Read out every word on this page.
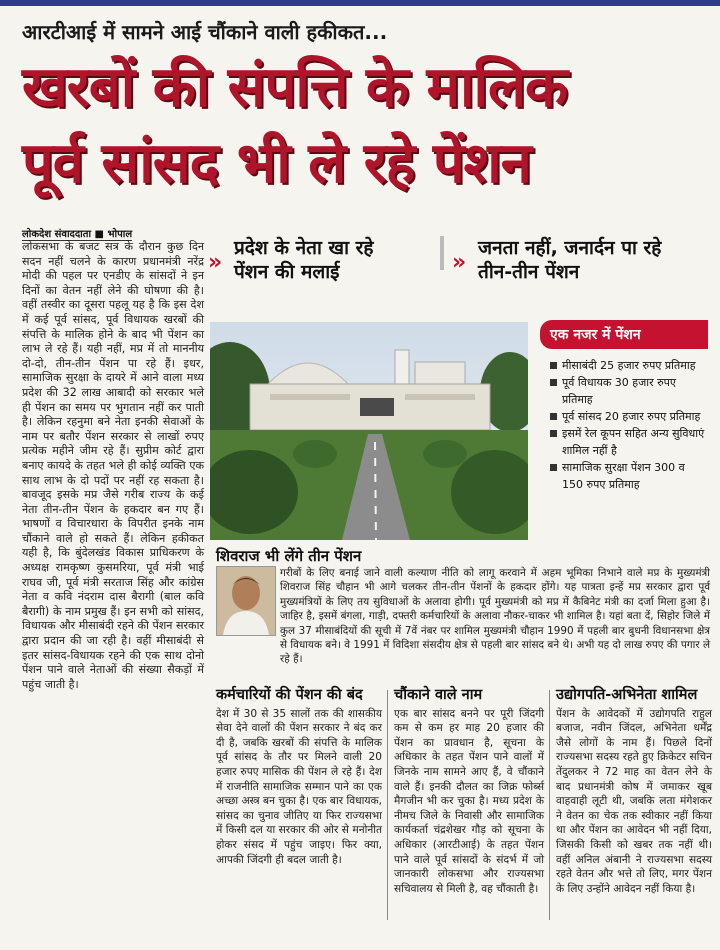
आरटीआई में सामने आई चौंकाने वाली हकीकत...
खरबों की संपत्ति के मालिक
पूर्व सांसद भी ले रहे पेंशन
लोकदेश संवाददाता ■ भोपाल

लोकसभा के बजट सत्र के दौरान कुछ दिन सदन नहीं चलने के कारण प्रधानमंत्री नरेंद्र मोदी की पहल पर एनडीए के सांसदों ने इन दिनों का वेतन नहीं लेने की घोषणा की है। वहीं तस्वीर का दूसरा पहलू यह है कि इस देश में कई पूर्व सांसद, पूर्व विधायक खरबों की संपत्ति के मालिक होने के बाद भी पेंशन का लाभ ले रहे हैं। यही नहीं, मप्र में तो माननीय दो-दो, तीन-तीन पेंशन पा रहे हैं। इधर, सामाजिक सुरक्षा के दायरे में आने वाला मध्य प्रदेश की 32 लाख आबादी को सरकार भले ही पेंशन का समय पर भुगतान नहीं कर पाती है। लेकिन रहनुमा बने नेता इनकी सेवाओं के नाम पर बतौर पेंशन सरकार से लाखों रुपए प्रत्येक महीने जीम रहे हैं। सुप्रीम कोर्ट द्वारा बनाए कायदे के तहत भले ही कोई व्यक्ति एक साथ लाभ के दो पदों पर नहीं रह सकता है। बावजूद इसके मप्र जैसे गरीब राज्य के कई नेता तीन-तीन पेंशन के हकदार बन गए हैं। भाषणों व विचारधारा के विपरीत इनके नाम चौंकाने वाले हो सकते हैं। लेकिन हकीकत यही है, कि बुंदेलखंड विकास प्राधिकरण के अध्यक्ष रामकृष्ण कुसमरिया, पूर्व मंत्री भाई राघव जी, पूर्व मंत्री सरताज सिंह और कांग्रेस नेता व कवि नंदराम दास बैरागी (बाल कवि बैरागी) के नाम प्रमुख हैं। इन सभी को सांसद, विधायक और मीसाबंदी रहने की पेंशन सरकार द्वारा प्रदान की जा रही है। वहीं मीसाबंदी से इतर सांसद-विधायक रहने की एक साथ दोनो पेंशन पाने वाले नेताओं की संख्या सैकड़ों में पहुंच जाती है।

»
प्रदेश के नेता खा रहे
पेंशन की मलाई	»
जनता नहीं, जनार्दन पा रहे
तीन-तीन पेंशन
एक नजर में पेंशन
मीसाबंदी 25 हजार रुपए प्रतिमाह
पूर्व विधायक 30 हजार रुपए प्रतिमाह
पूर्व सांसद 20 हजार रुपए प्रतिमाह
इसमें रेल कूपन सहित अन्य सुविधाएं शामिल नहीं है
सामाजिक सुरक्षा पेंशन 300 व 150 रुपए प्रतिमाह
शिवराज भी लेंगे तीन पेंशन
गरीबों के लिए बनाई जाने वाली कल्याण नीति को लागू करवाने में अहम भूमिका निभाने वाले मप्र के मुख्यमंत्री शिवराज सिंह चौहान भी आगे चलकर तीन-तीन पेंशनों के हकदार होंगे। यह पात्रता इन्हें मप्र सरकार द्वारा पूर्व मुख्यमंत्रियों के लिए तय सुविधाओं के अलावा होगी। पूर्व मुख्यमंत्री को मप्र में कैबिनेट मंत्री का दर्जा मिला हुआ है। जाहिर है, इसमें बंगला, गाड़ी, दफ्तरी कर्मचारियों के अलावा नौकर-चाकर भी शामिल है। यहां बता दें, सिहोर जिले में कुल 37 मीसाबंदियों की सूची में 7वें नंबर पर शामिल मुख्यमंत्री चौहान 1990 में पहली बार बुधनी विधानसभा क्षेत्र से विधायक बने। वे 1991 में विदिशा संसदीय क्षेत्र से पहली बार सांसद बने थे। अभी यह दो लाख रुपए की पगार ले रहे हैं।
कर्मचारियों की पेंशन की बंद
देश में 30 से 35 सालों तक की शासकीय सेवा देने वालों की पेंशन सरकार ने बंद कर दी है, जबकि खरबों की संपत्ति के मालिक पूर्व सांसद के तौर पर मिलने वाली 20 हजार रुपए मासिक की पेंशन ले रहे हैं। देश में राजनीति सामाजिक सम्मान पाने का एक अच्छा अस्त्र बन चुका है। एक बार विधायक, सांसद का चुनाव जीतिए या फिर राज्यसभा में किसी दल या सरकार की ओर से मनोनीत होकर संसद में पहुंच जाइए। फिर क्या, आपकी जिंदगी ही बदल जाती है।
चौंकाने वाले नाम
एक बार सांसद बनने पर पूरी जिंदगी कम से कम हर माह 20 हजार की पेंशन का प्रावधान है, सूचना के अधिकार के तहत पेंशन पाने वालों में जिनके नाम सामने आए हैं, वे चौंकाने वाले हैं। इनकी दौलत का जिक्र फोर्ब्स मैगजीन भी कर चुका है। मध्य प्रदेश के नीमच जिले के निवासी और सामाजिक कार्यकर्ता चंद्रशेखर गौड़ को सूचना के अधिकार (आरटीआई) के तहत पेंशन पाने वाले पूर्व सांसदों के संदर्भ में जो जानकारी लोकसभा और राज्यसभा सचिवालय से मिली है, वह चौंकाती है।
उद्योगपति-अभिनेता शामिल
पेंशन के आवेदकों में उद्योगपति राहुल बजाज, नवीन जिंदल, अभिनेता धर्मेंद्र जैसे लोगों के नाम हैं। पिछले दिनों राज्यसभा सदस्य रहते हुए क्रिकेटर सचिन तेंदुलकर ने 72 माह का वेतन लेने के बाद प्रधानमंत्री कोष में जमाकर खूब वाहवाही लूटी थी, जबकि लता मंगेशकर ने वेतन का चेक तक स्वीकार नहीं किया था और पेंशन का आवेदन भी नहीं दिया, जिसकी किसी को खबर तक नहीं थी। वहीं अनिल अंबानी ने राज्यसभा सदस्य रहते वेतन और भत्ते तो लिए, मगर पेंशन के लिए उन्होंने आवेदन नहीं किया है।
